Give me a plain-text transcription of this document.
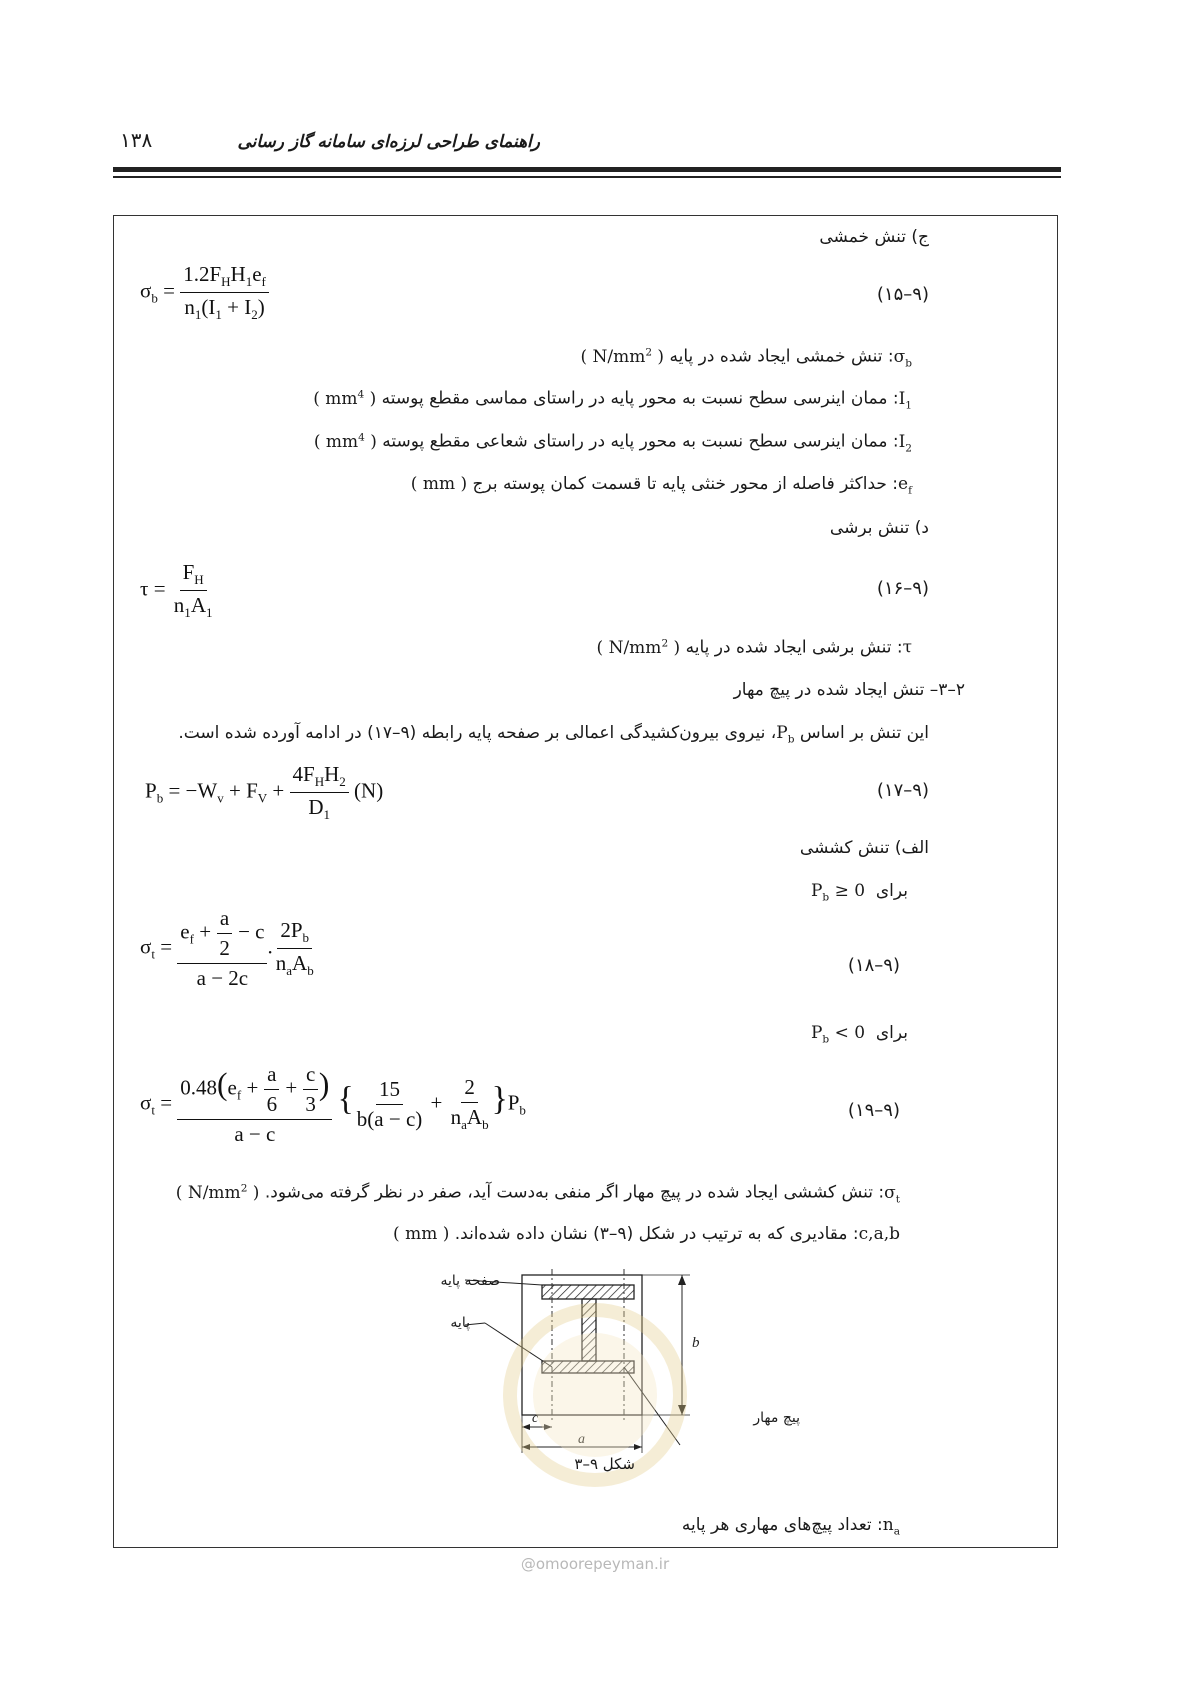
راهنمای طراحی لرزه‌ای سامانه گاز رسانی
۱۳۸
ج) تنش خمشی
$\sigma_b = \frac{1.2F_HH_1e_f}{n_1(I_1 + I_2)}$	(۹–۱۵)
$\sigma_b$: تنش خمشی ایجاد شده در پایه ( $N/mm^2$ )
$I_1$: ممان اینرسی سطح نسبت به محور پایه در راستای مماسی مقطع پوسته ( $mm^4$ )
$I_2$: ممان اینرسی سطح نسبت به محور پایه در راستای شعاعی مقطع پوسته ( $mm^4$ )
$e_f$: حداکثر فاصله از محور خنثی پایه تا قسمت کمان پوسته برج ( mm )
د) تنش برشی
$\tau = \frac{F_H}{n_1A_1}$	(۹–۱۶)
τ: تنش برشی ایجاد شده در پایه ( $N/mm^2$ )
۲–۳– تنش ایجاد شده در پیچ مهار
این تنش بر اساس $P_b،$ نیروی بیرون‌کشیدگی اعمالی بر صفحه پایه رابطه (۹–۱۷) در ادامه آورده شده است.
$P_b = -W_v + F_V + \frac{4F_HH_2}{D_1} (N)$	(۹–۱۷)
الف) تنش کششی
برای  $P_b \ge 0$
$\sigma_t = \frac{e_f + \frac{a}{2} - c}{a - 2c}$ . $\frac{2P_b}{n_aA_b}$	(۹–۱۸)
برای  $P_b < 0$
$\sigma_t = \frac{0.48(e_f + \frac{a}{6} + \frac{c}{3} )}{a - c}$ { $\frac{15}{b(a - c)} + \frac{2}{n_aA_b} \}P_b$	(۹–۱۹)
$\sigma_t$: تنش کششی ایجاد شده در پیچ مهار اگر منفی به‌دست آید، صفر در نظر گرفته می‌شود. ( $N/mm^2$ )
c,a,b: مقادیری که به ترتیب در شکل (۹–۳) نشان داده شده‌اند. ( mm )
b
c
a
صفحه پایه
پایه
پیچ مهار
شکل ۹–۳
$n_a$: تعداد پیچ‌های مهاری هر پایه
@omoorepeyman.ir
